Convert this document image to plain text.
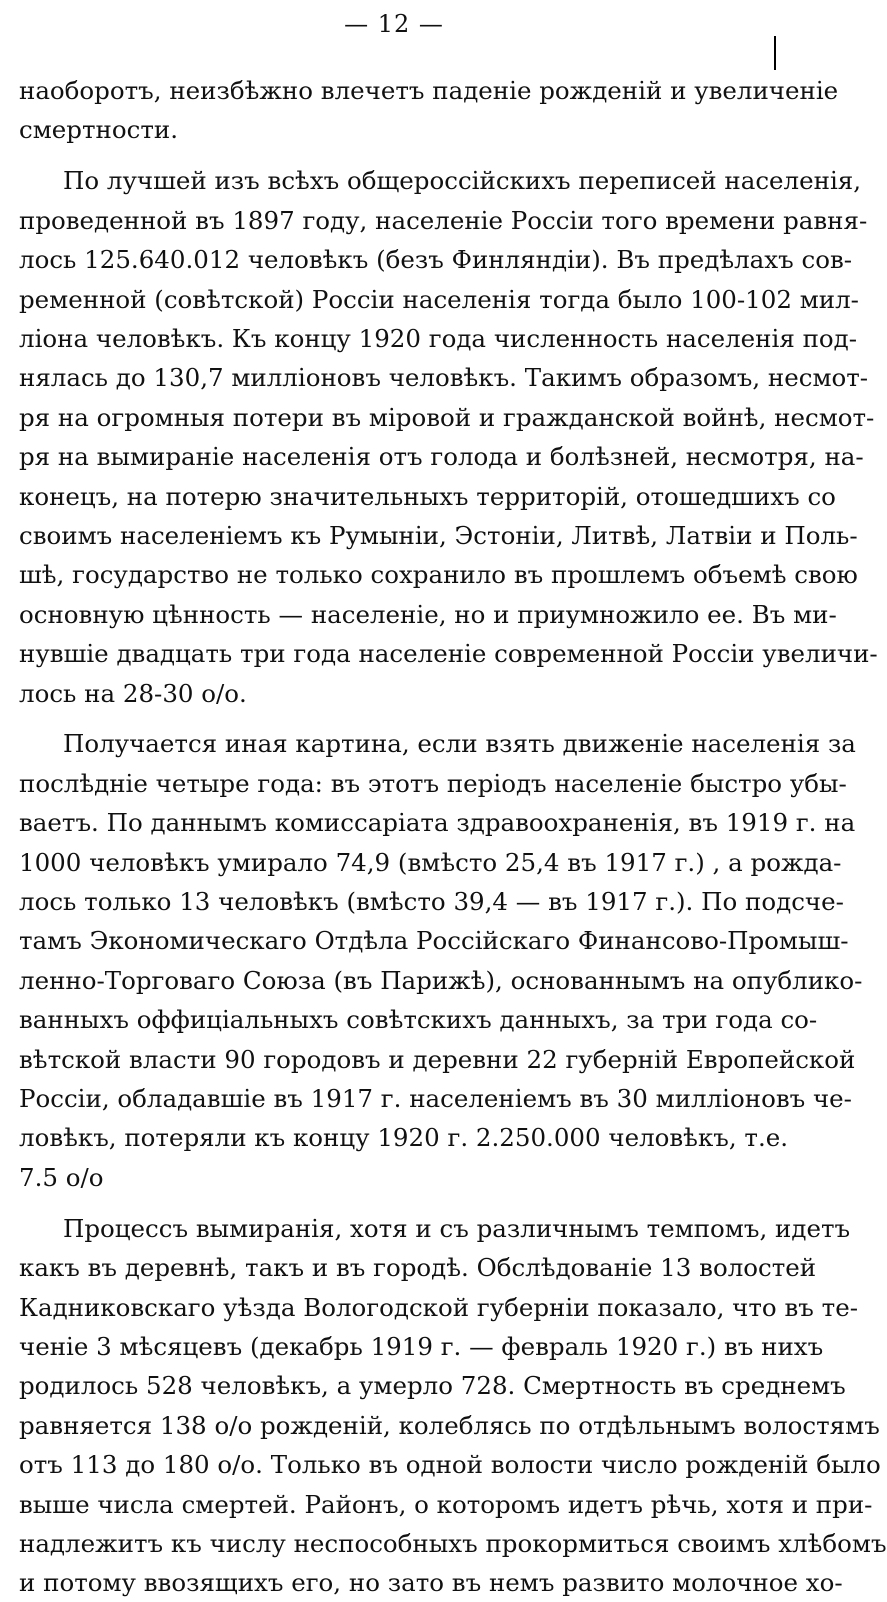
— 12 —
наоборотъ, неизбѣжно влечетъ паденіе рожденій и увеличеніе
смертности.
По лучшей изъ всѣхъ общероссійскихъ переписей населенія,
проведенной въ 1897 году, населеніе Россіи того времени равня-
лось 125.640.012 человѣкъ (безъ Финляндіи). Въ предѣлахъ сов-
ременной (совѣтской) Россіи населенія тогда было 100-102 мил-
ліона человѣкъ. Къ концу 1920 года численность населенія под-
нялась до 130,7 милліоновъ человѣкъ. Такимъ образомъ, несмот-
ря на огромныя потери въ міровой и гражданской войнѣ, несмот-
ря на вымираніе населенія отъ голода и болѣзней, несмотря, на-
конецъ, на потерю значительныхъ территорій, отошедшихъ со
своимъ населеніемъ къ Румыніи, Эстоніи, Литвѣ, Латвіи и Поль-
шѣ, государство не только сохранило въ прошлемъ объемѣ свою
основную цѣнность — населеніе, но и приумножило ее. Въ ми-
нувшіе двадцать три года населеніе современной Россіи увеличи-
лось на 28-30 о/о.
Получается иная картина, если взять движеніе населенія за
послѣдніе четыре года: въ этотъ періодъ населеніе быстро убы-
ваетъ. По даннымъ комиссаріата здравоохраненія, въ 1919 г. на
1000 человѣкъ умирало 74,9 (вмѣсто 25,4 въ 1917 г.) , а рожда-
лось только 13 человѣкъ (вмѣсто 39,4 — въ 1917 г.). По подсче-
тамъ Экономическаго Отдѣла Россійскаго Финансово-Промыш-
ленно-Торговаго Союза (въ Парижѣ), основаннымъ на опублико-
ванныхъ оффиціальныхъ совѣтскихъ данныхъ, за три года со-
вѣтской власти 90 городовъ и деревни 22 губерній Европейской
Россіи, обладавшіе въ 1917 г. населеніемъ въ 30 милліоновъ че-
ловѣкъ, потеряли къ концу 1920 г. 2.250.000 человѣкъ, т.е.
7.5 о/о
Процессъ вымиранія, хотя и съ различнымъ темпомъ, идетъ
какъ въ деревнѣ, такъ и въ городѣ. Обслѣдованіе 13 волостей
Кадниковскаго уѣзда Вологодской губерніи показало, что въ те-
ченіе 3 мѣсяцевъ (декабрь 1919 г. — февраль 1920 г.) въ нихъ
родилось 528 человѣкъ, а умерло 728. Смертность въ среднемъ
равняется 138 о/о рожденій, колеблясь по отдѣльнымъ волостямъ
отъ 113 до 180 о/о. Только въ одной волости число рожденій было
выше числа смертей. Районъ, о которомъ идетъ рѣчь, хотя и при-
надлежитъ къ числу неспособныхъ прокормиться своимъ хлѣбомъ
и потому ввозящихъ его, но зато въ немъ развито молочное хо-
